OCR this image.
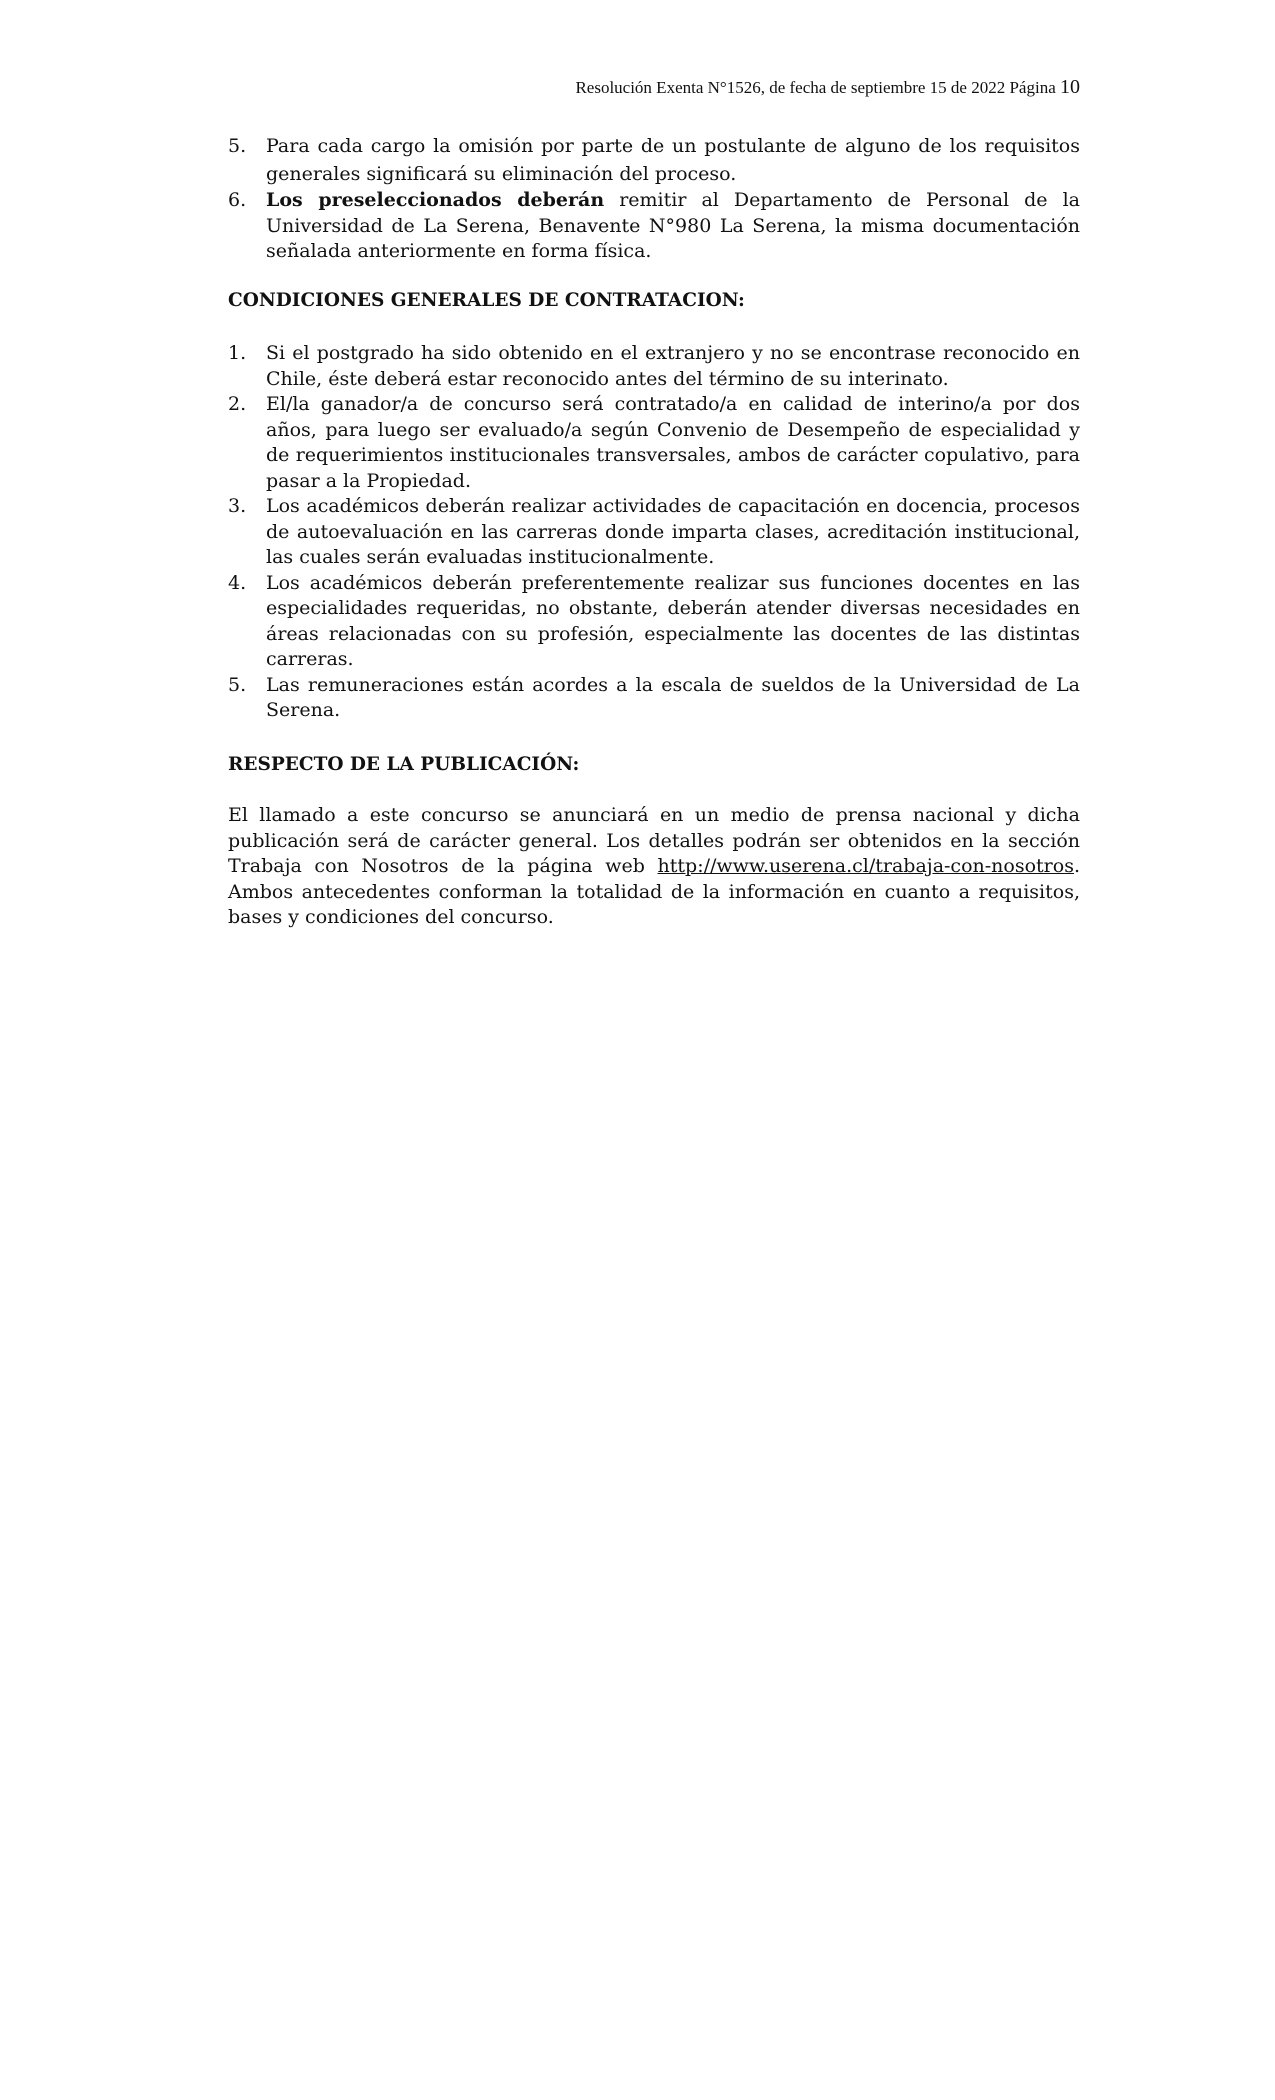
Resolución Exenta N°1526, de fecha de septiembre 15 de 2022 Página 10
5. Para cada cargo la omisión por parte de un postulante de alguno de los requisitos generales significará su eliminación del proceso.
6. Los preseleccionados deberán remitir al Departamento de Personal de la Universidad de La Serena, Benavente N°980 La Serena, la misma documentación señalada anteriormente en forma física.
CONDICIONES GENERALES DE CONTRATACION:
1. Si el postgrado ha sido obtenido en el extranjero y no se encontrase reconocido en Chile, éste deberá estar reconocido antes del término de su interinato.
2. El/la ganador/a de concurso será contratado/a en calidad de interino/a por dos años, para luego ser evaluado/a según Convenio de Desempeño de especialidad y de requerimientos institucionales transversales, ambos de carácter copulativo, para pasar a la Propiedad.
3. Los académicos deberán realizar actividades de capacitación en docencia, procesos de autoevaluación en las carreras donde imparta clases, acreditación institucional, las cuales serán evaluadas institucionalmente.
4. Los académicos deberán preferentemente realizar sus funciones docentes en las especialidades requeridas, no obstante, deberán atender diversas necesidades en áreas relacionadas con su profesión, especialmente las docentes de las distintas carreras.
5. Las remuneraciones están acordes a la escala de sueldos de la Universidad de La Serena.
RESPECTO DE LA PUBLICACIÓN:

El llamado a este concurso se anunciará en un medio de prensa nacional y dicha publicación será de carácter general. Los detalles podrán ser obtenidos en la sección Trabaja con Nosotros de la página web http://www.userena.cl/trabaja-con-nosotros. Ambos antecedentes conforman la totalidad de la información en cuanto a requisitos, bases y condiciones del concurso.
